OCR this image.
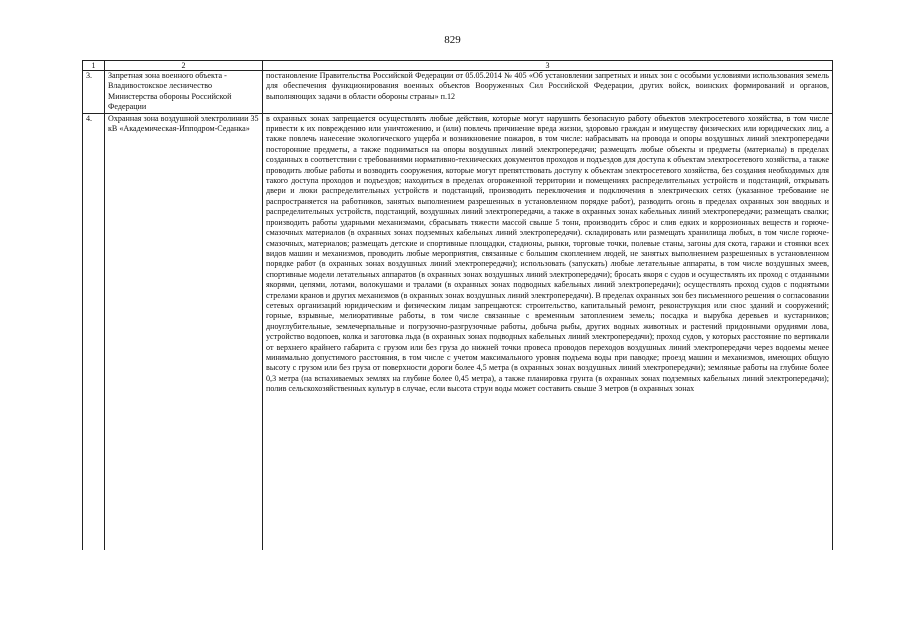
829
1	2	3
3.	Запретная зона военного объекта - Владивостокское лесничество Министерства обороны Российской Федерации	постановление Правительства Российской Федерации от 05.05.2014 № 405 «Об установлении запретных и иных зон с особыми условиями использования земель для обеспечения функционирования военных объектов Вооруженных Сил Российской Федерации, других войск, воинских формирований и органов, выполняющих задачи в области обороны страны» п.12
4.	Охранная зона воздушной электролинии 35 кВ «Академическая-Ипподром-Седанка»	в охранных зонах запрещается осуществлять любые действия, которые могут нарушить безопасную работу объектов электросетевого хозяйства, в том числе привести к их повреждению или уничтожению, и (или) повлечь причинение вреда жизни, здоровью граждан и имуществу физических или юридических лиц, а также повлечь нанесение экологического ущерба и возникновение пожаров, в том числе: набрасывать на провода и опоры воздушных линий электропередачи посторонние предметы, а также подниматься на опоры воздушных линий электропередачи; размещать любые объекты и предметы (материалы) в пределах созданных в соответствии с требованиями нормативно-технических документов проходов и подъездов для доступа к объектам электросетевого хозяйства, а также проводить любые работы и возводить сооружения, которые могут препятствовать доступу к объектам электросетевого хозяйства, без создания необходимых для такого доступа проходов и подъездов; находиться в пределах огороженной территории и помещениях распределительных устройств и подстанций, открывать двери и люки распределительных устройств и подстанций, производить переключения и подключения в электрических сетях (указанное требование не распространяется на работников, занятых выполнением разрешенных в установленном порядке работ), разводить огонь в пределах охранных зон вводных и распределительных устройств, подстанций, воздушных линий электропередачи, а также в охранных зонах кабельных линий электропередачи; размещать свалки; производить работы ударными механизмами, сбрасывать тяжести массой свыше 5 тонн, производить сброс и слив едких и коррозионных веществ и горюче-смазочных материалов (в охранных зонах подземных кабельных линий электропередачи). складировать или размещать хранилища любых, в том числе горюче-смазочных, материалов; размещать детские и спортивные площадки, стадионы, рынки, торговые точки, полевые станы, загоны для скота, гаражи и стоянки всех видов машин и механизмов, проводить любые мероприятия, связанные с большим скоплением людей, не занятых выполнением разрешенных в установленном порядке работ (в охранных зонах воздушных линий электропередачи); использовать (запускать) любые летательные аппараты, в том числе воздушных змеев, спортивные модели летательных аппаратов (в охранных зонах воздушных линий электропередачи); бросать якоря с судов и осуществлять их проход с отданными якорями, цепями, лотами, волокушами и тралами (в охранных зонах подводных кабельных линий электропередачи); осуществлять проход судов с поднятыми стрелами кранов и других механизмов (в охранных зонах воздушных линий электропередачи). В пределах охранных зон без письменного решения о согласовании сетевых организаций юридическим и физическим лицам запрещаются: строительство, капитальный ремонт, реконструкция или снос зданий и сооружений; горные, взрывные, мелиоративные работы, в том числе связанные с временным затоплением земель; посадка и вырубка деревьев и кустарников; дноуглубительные, землечерпальные и погрузочно-разгрузочные работы, добыча рыбы, других водных животных и растений придонными орудиями лова, устройство водопоев, колка и заготовка льда (в охранных зонах подводных кабельных линий электропередачи); проход судов, у которых расстояние по вертикали от верхнего крайнего габарита с грузом или без груза до нижней точки провеса проводов переходов воздушных линий электропередачи через водоемы менее минимально допустимого расстояния, в том числе с учетом максимального уровня подъема воды при паводке; проезд машин и механизмов, имеющих общую высоту с грузом или без груза от поверхности дороги более 4,5 метра (в охранных зонах воздушных линий электропередачи); земляные работы на глубине более 0,3 метра (на вспахиваемых землях на глубине более 0,45 метра), а также планировка грунта (в охранных зонах подземных кабельных линий электропередачи); полив сельскохозяйственных культур в случае, если высота струи воды может составить свыше 3 метров (в охранных зонах
